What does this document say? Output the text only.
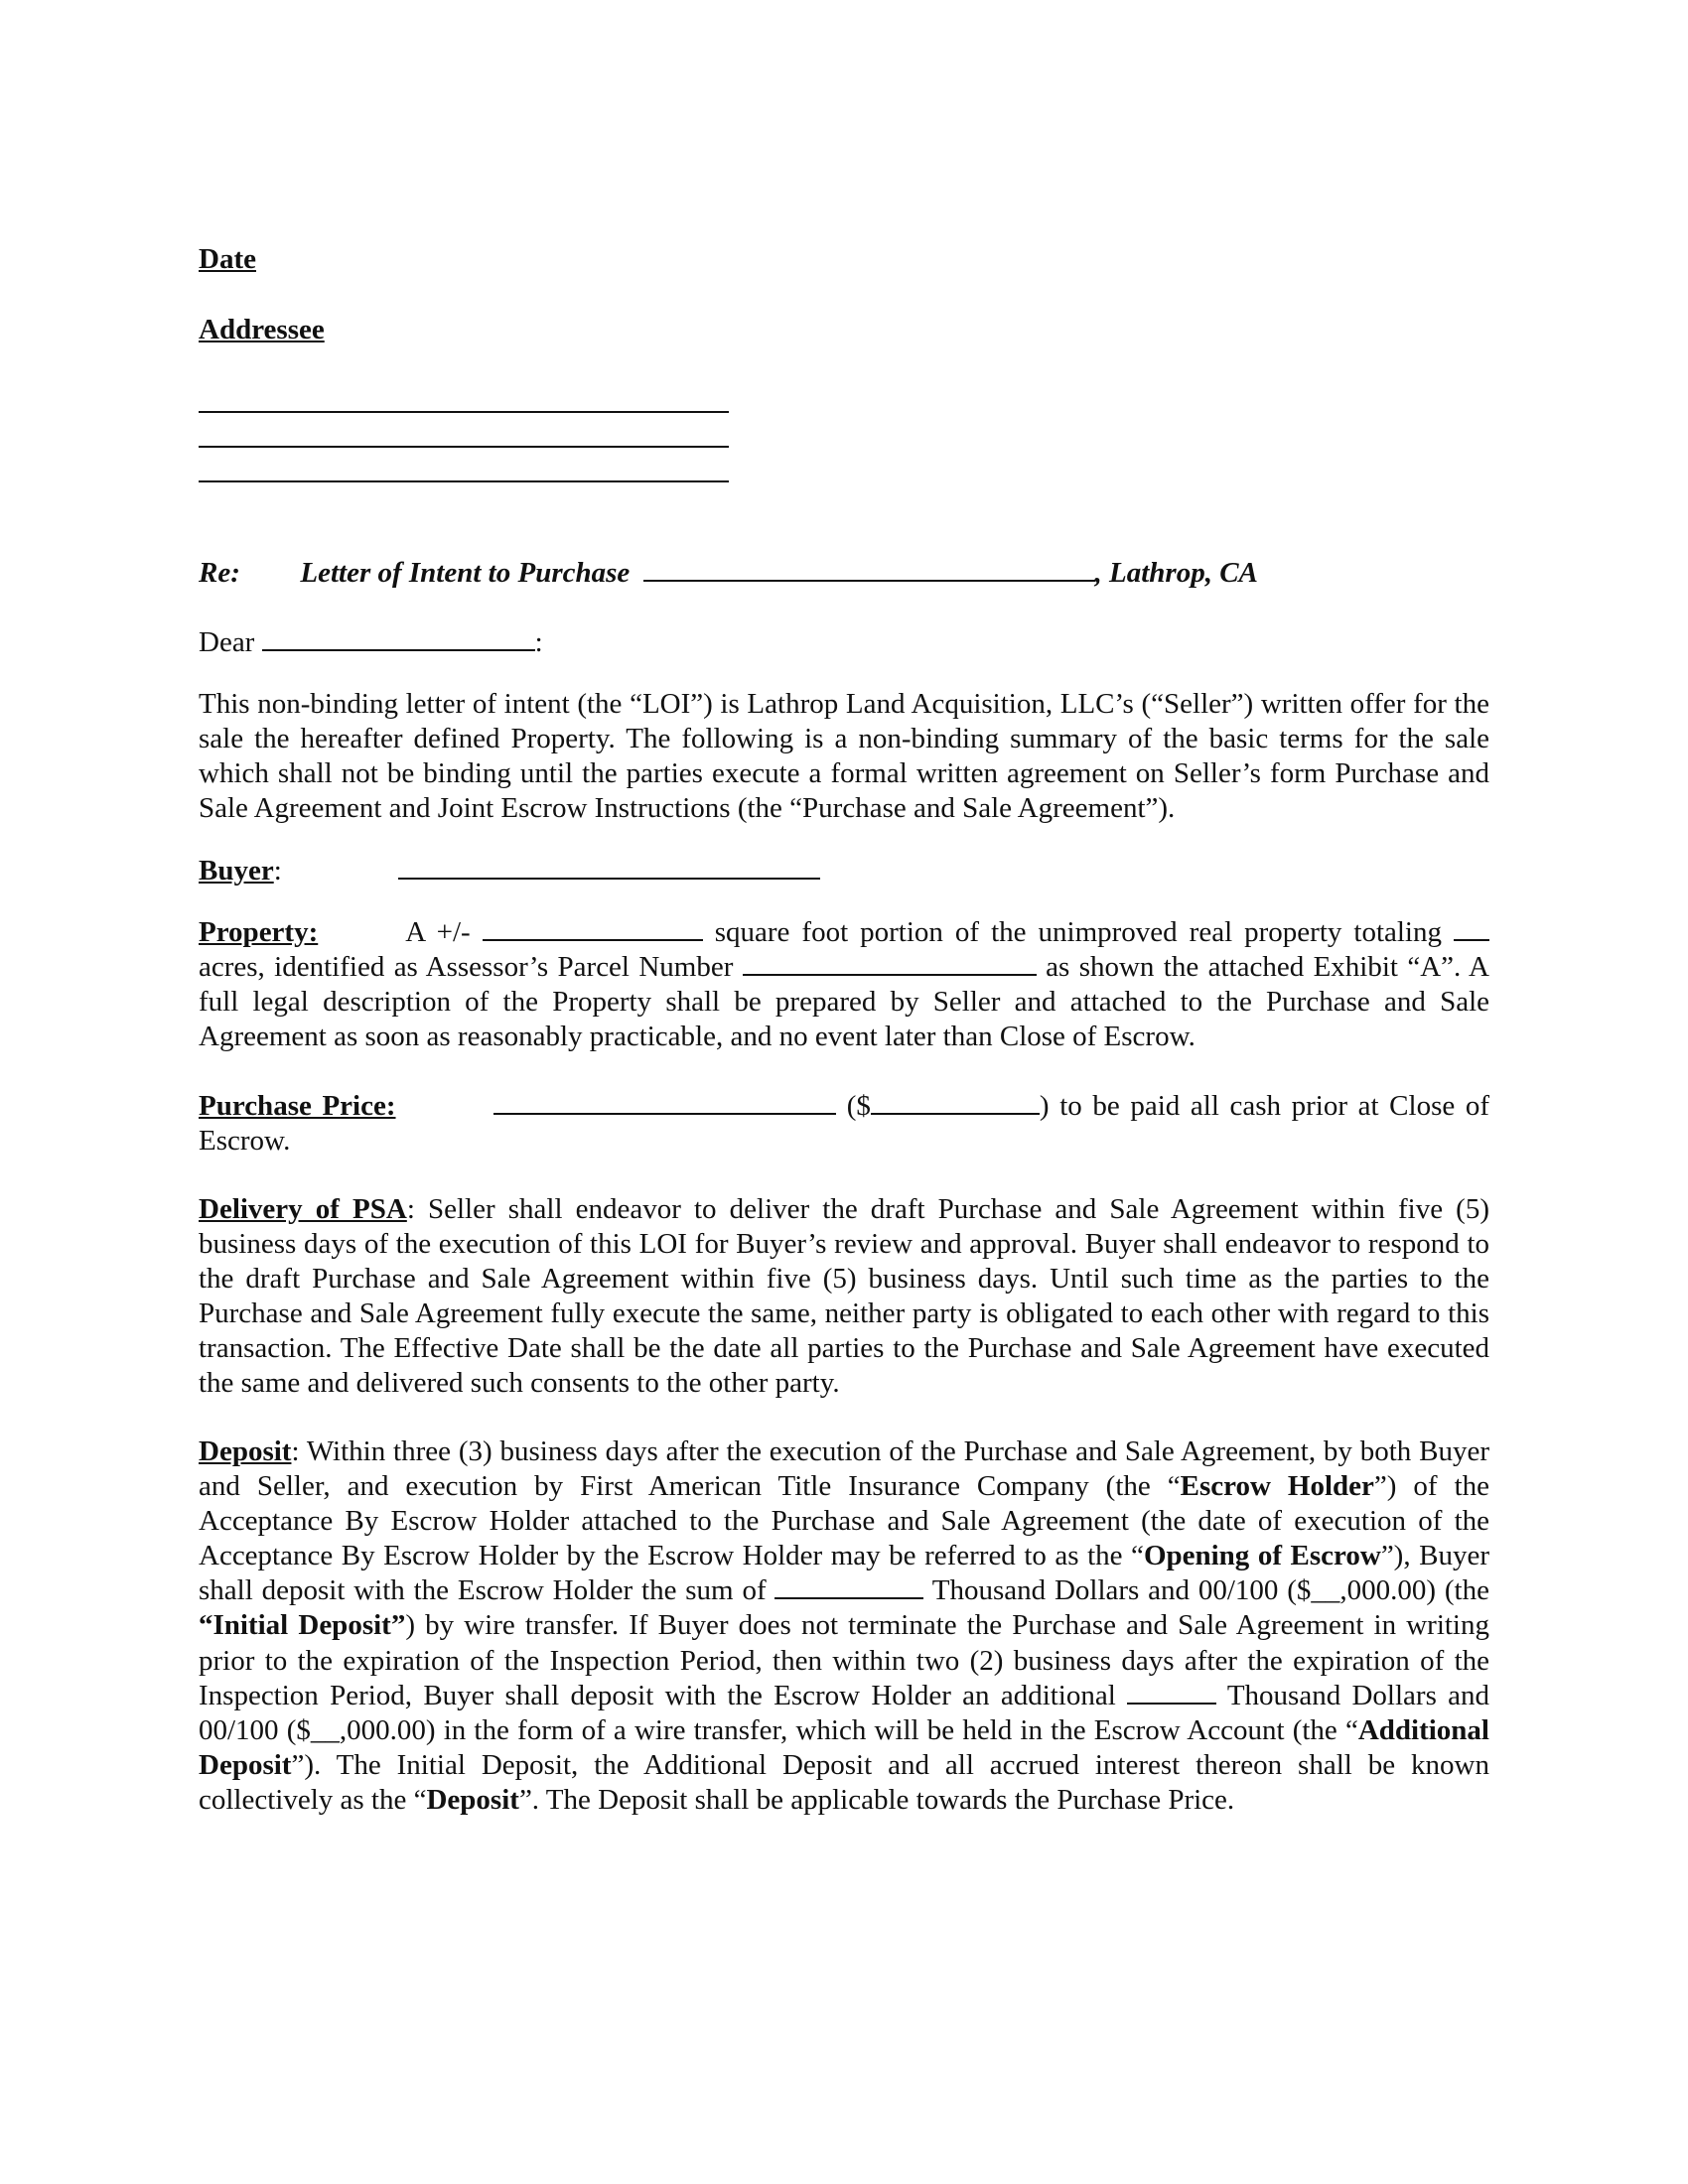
Date
Addressee
Re: Letter of Intent to Purchase	, Lathrop, CA
Dear	:
This non-binding letter of intent (the “LOI”) is Lathrop Land Acquisition, LLC’s (“Seller”) written offer for the sale the hereafter defined Property. The following is a non-binding summary of the basic terms for the sale which shall not be binding until the parties execute a formal written agreement on Seller’s form Purchase and Sale Agreement and Joint Escrow Instructions (the “Purchase and Sale Agreement”).
Buyer:
Property:	A +/-	square foot portion of the unimproved real property totaling  acres, identified as Assessor’s Parcel Number	as shown the attached Exhibit “A”. A full legal description of the Property shall be prepared by Seller and attached to the Purchase and Sale Agreement as soon as reasonably practicable, and no event later than Close of Escrow.
Purchase Price:	($	) to be paid all cash prior at Close of Escrow.
Delivery of PSA: Seller shall endeavor to deliver the draft Purchase and Sale Agreement within five (5) business days of the execution of this LOI for Buyer’s review and approval. Buyer shall endeavor to respond to the draft Purchase and Sale Agreement within five (5) business days. Until such time as the parties to the Purchase and Sale Agreement fully execute the same, neither party is obligated to each other with regard to this transaction. The Effective Date shall be the date all parties to the Purchase and Sale Agreement have executed the same and delivered such consents to the other party.
Deposit: Within three (3) business days after the execution of the Purchase and Sale Agreement, by both Buyer and Seller, and execution by First American Title Insurance Company (the “Escrow Holder”) of the Acceptance By Escrow Holder attached to the Purchase and Sale Agreement (the date of execution of the Acceptance By Escrow Holder by the Escrow Holder may be referred to as the “Opening of Escrow”), Buyer shall deposit with the Escrow Holder the sum of	Thousand Dollars and 00/100 ($__,000.00) (the “Initial Deposit”) by wire transfer. If Buyer does not terminate the Purchase and Sale Agreement in writing prior to the expiration of the Inspection Period, then within two (2) business days after the expiration of the Inspection Period, Buyer shall deposit with the Escrow Holder an additional	Thousand Dollars and 00/100 ($__,000.00) in the form of a wire transfer, which will be held in the Escrow Account (the “Additional Deposit”). The Initial Deposit, the Additional Deposit and all accrued interest thereon shall be known collectively as the “Deposit”. The Deposit shall be applicable towards the Purchase Price.
